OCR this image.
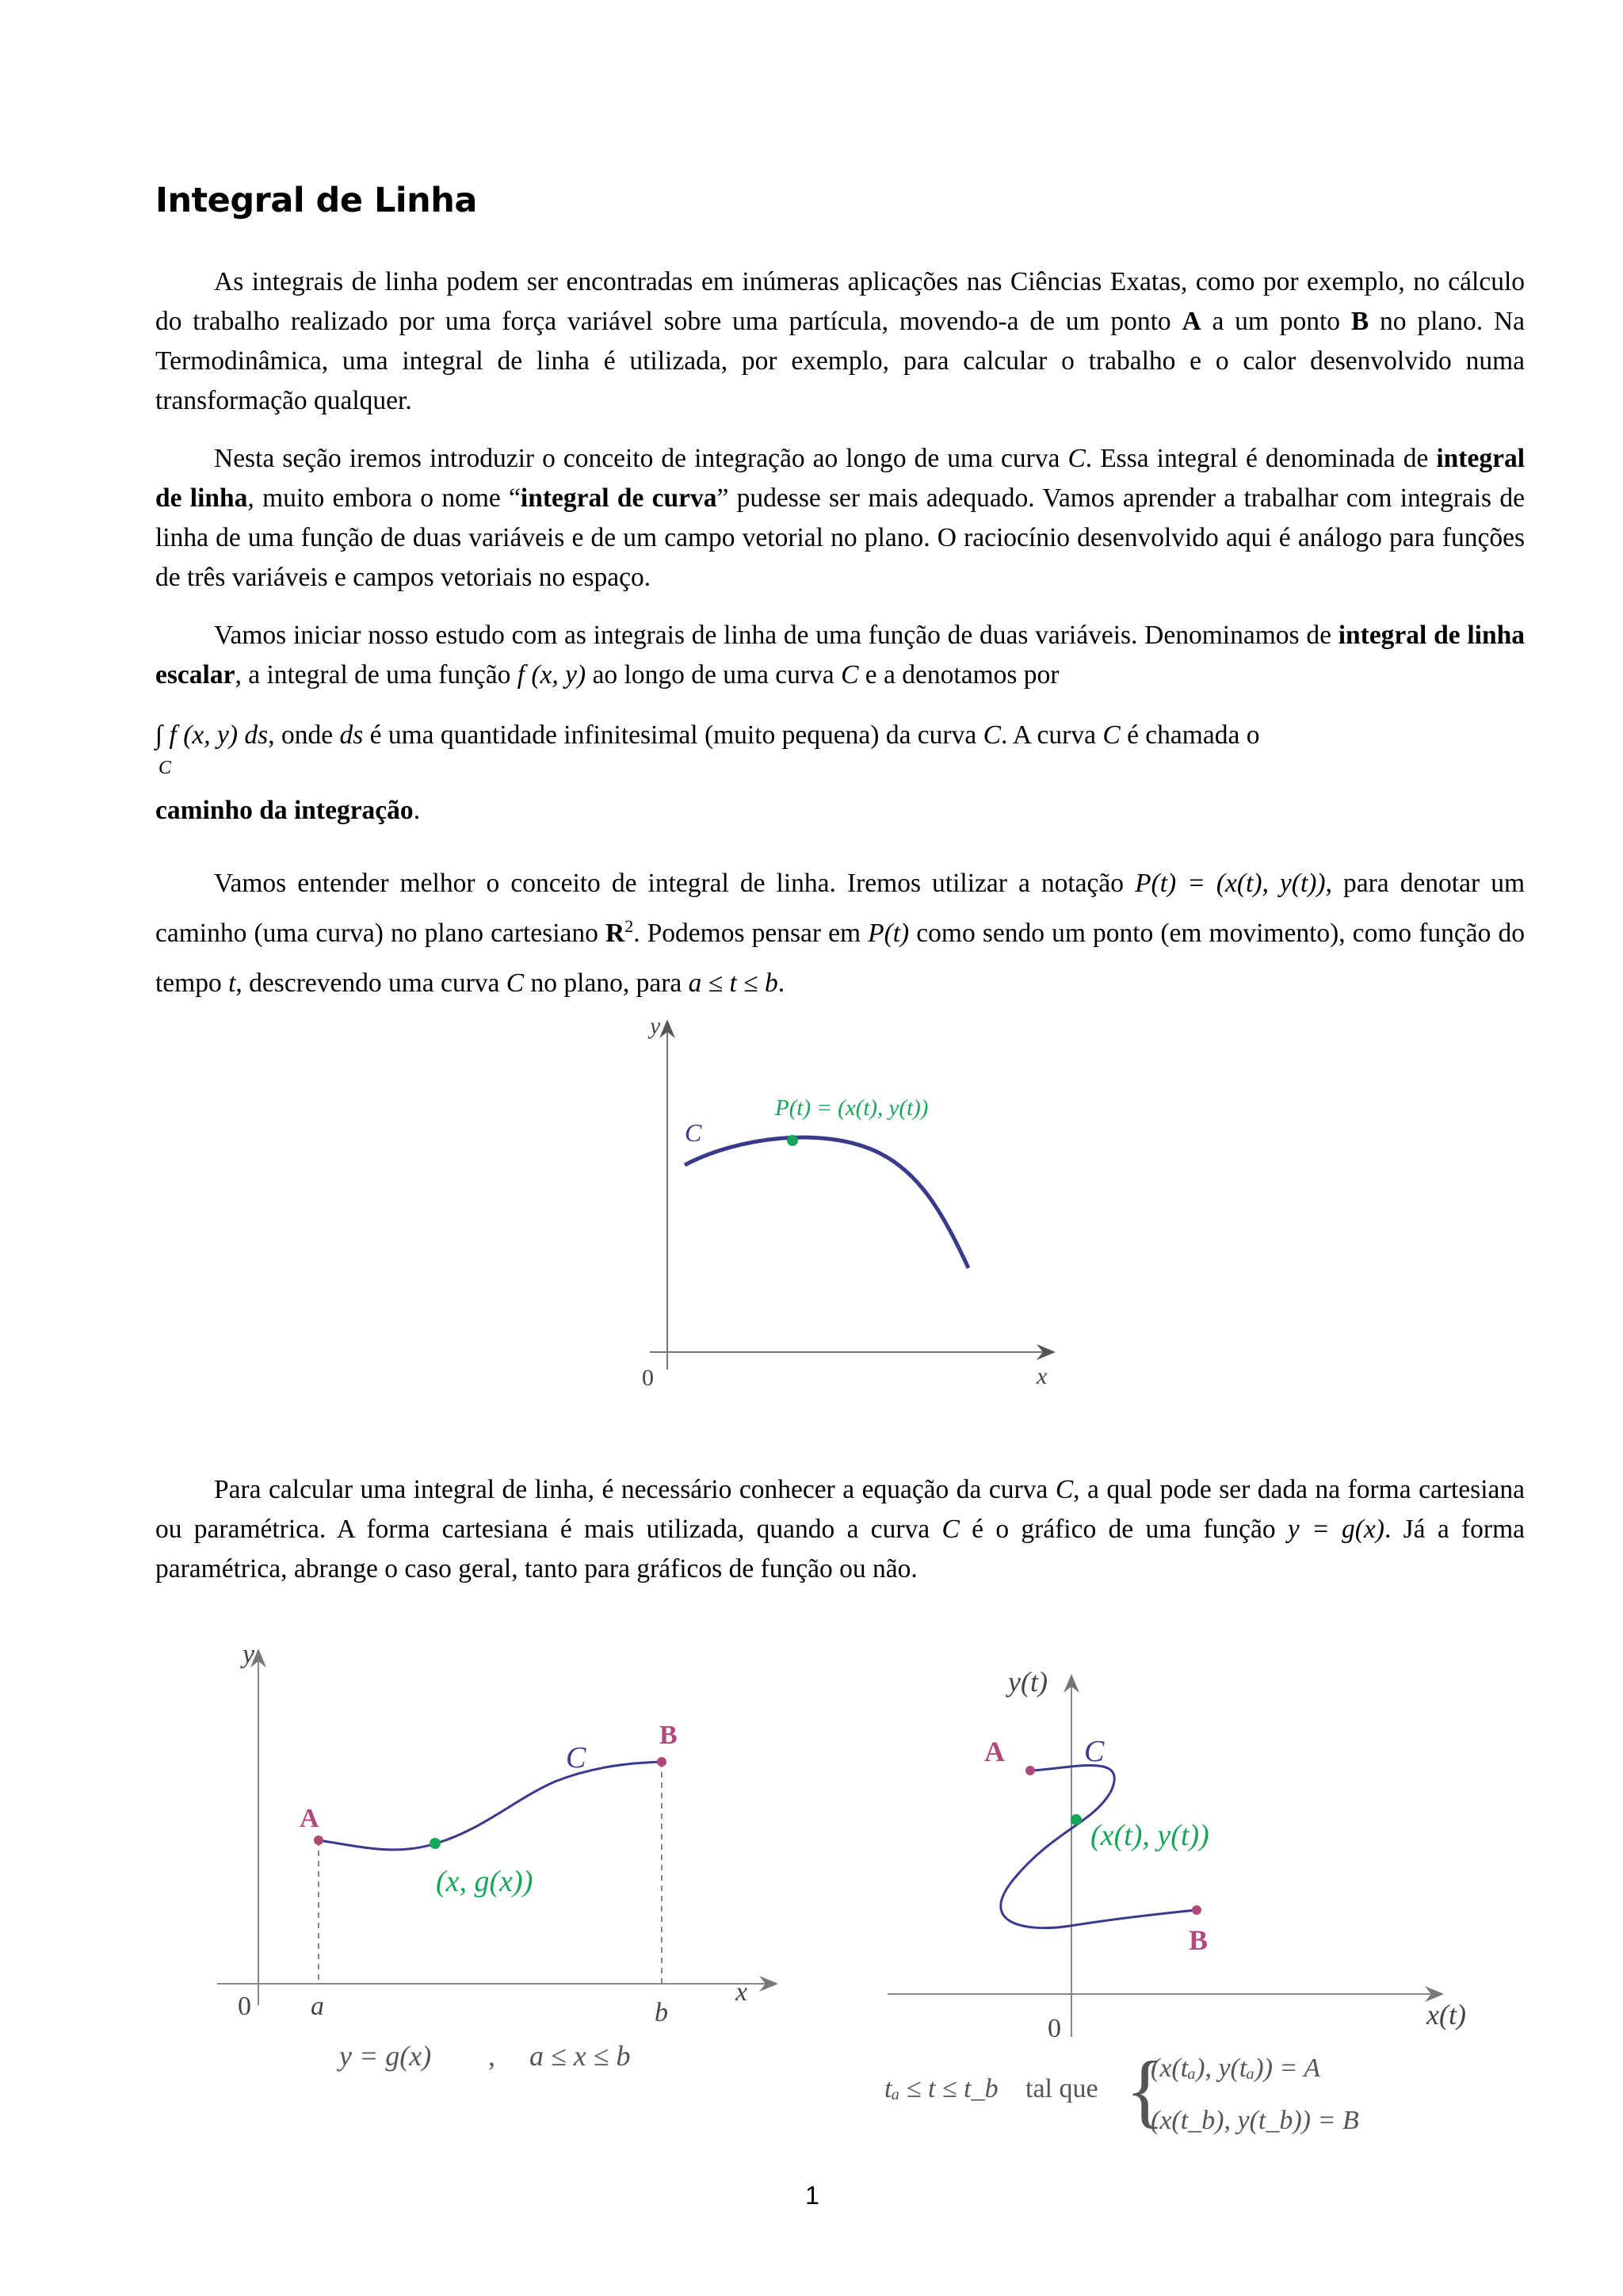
Integral de Linha

As integrais de linha podem ser encontradas em inúmeras aplicações nas Ciências Exatas, como por exemplo, no cálculo do trabalho realizado por uma força variável sobre uma partícula, movendo-a de um ponto A a um ponto B no plano. Na Termodinâmica, uma integral de linha é utilizada, por exemplo, para calcular o trabalho e o calor desenvolvido numa transformação qualquer.

Nesta seção iremos introduzir o conceito de integração ao longo de uma curva C. Essa integral é denominada de integral de linha, muito embora o nome “integral de curva” pudesse ser mais adequado. Vamos aprender a trabalhar com integrais de linha de uma função de duas variáveis e de um campo vetorial no plano. O raciocínio desenvolvido aqui é análogo para funções de três variáveis e campos vetoriais no espaço.

Vamos iniciar nosso estudo com as integrais de linha de uma função de duas variáveis. Denominamos de integral de linha escalar, a integral de uma função f (x, y) ao longo de uma curva C e a denotamos por

∫ f (x, y) ds
C
, onde ds é uma quantidade infinitesimal (muito pequena) da curva C. A curva C é chamada o
caminho da integração.

Vamos entender melhor o conceito de integral de linha. Iremos utilizar a notação P(t) = (x(t), y(t)), para denotar um caminho (uma curva) no plano cartesiano $R^2$. Podemos pensar em P(t) como sendo um ponto (em movimento), como função do tempo t, descrevendo uma curva C no plano, para a ≤ t ≤ b.

y
x
0
C
P(t) = (x(t), y(t))

Para calcular uma integral de linha, é necessário conhecer a equação da curva C, a qual pode ser dada na forma cartesiana ou paramétrica. A forma cartesiana é mais utilizada, quando a curva C é o gráfico de uma função y = g(x). Já a forma paramétrica, abrange o caso geral, tanto para gráficos de função ou não.

y
x
0 a	b
A
B
C
(x, g(x))
y = g(x) , a ≤ x ≤ b
y(t)
x(t)
0
A
B
C
(x(t), y(t))
tₐ ≤ t ≤ t_b tal que {
(x(tₐ), y(tₐ)) = A
(x(t_b), y(t_b)) = B
1
